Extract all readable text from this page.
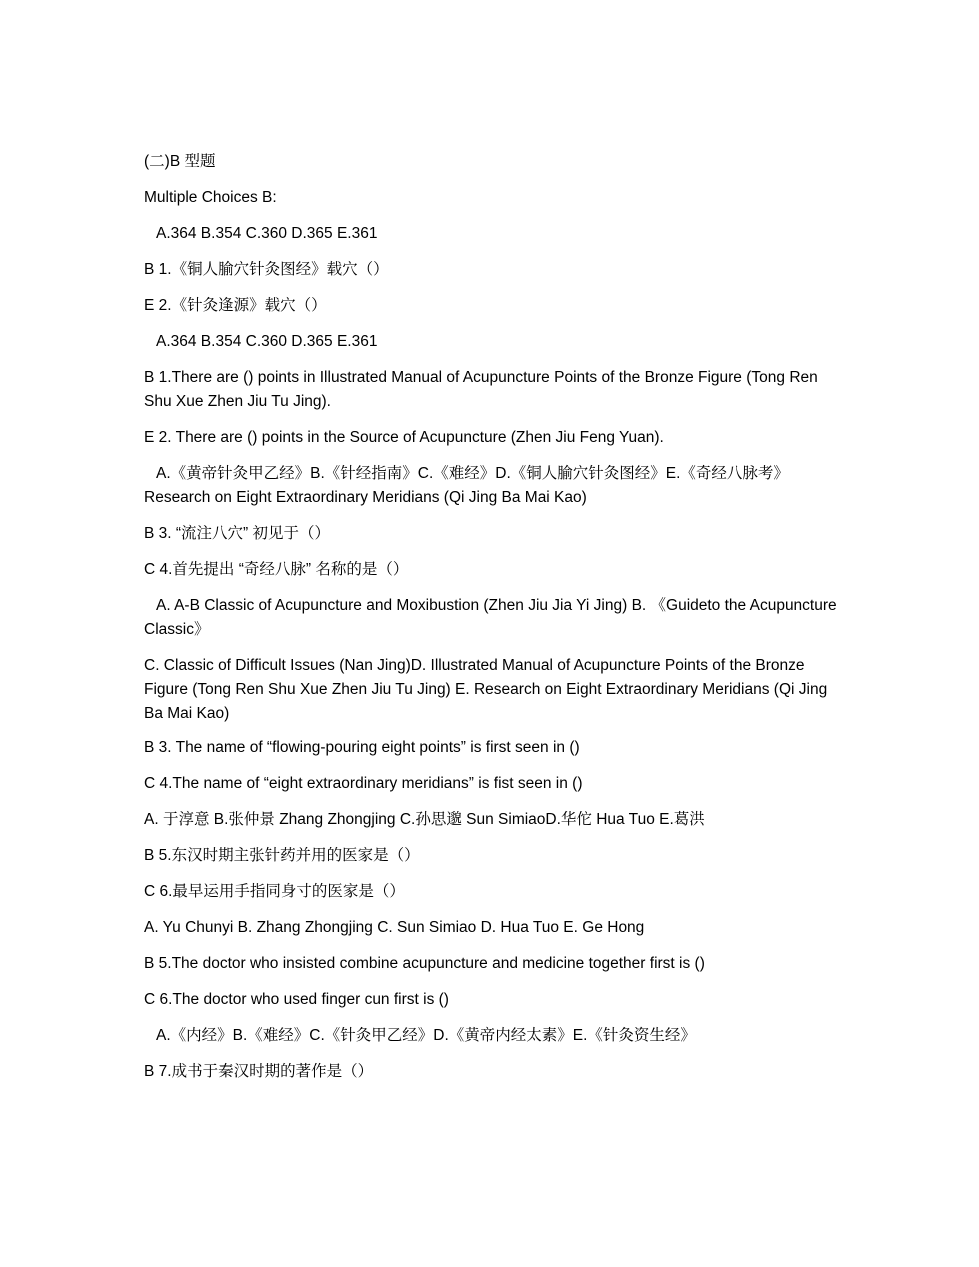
(二)B 型题

Multiple Choices B:

A.364 B.354 C.360 D.365 E.361

B 1.《铜人腧穴针灸图经》载穴（）

E 2.《针灸逢源》载穴（）

A.364 B.354 C.360 D.365 E.361

B 1.There are () points in Illustrated Manual of Acupuncture Points of the Bronze Figure (Tong Ren Shu Xue Zhen Jiu Tu Jing).

E 2. There are () points in the Source of Acupuncture (Zhen Jiu Feng Yuan).

A.《黄帝针灸甲乙经》B.《针经指南》C.《难经》D.《铜人腧穴针灸图经》E.《奇经八脉考》Research on Eight Extraordinary Meridians (Qi Jing Ba Mai Kao)

B 3. “流注八穴” 初见于（）

C 4.首先提出 “奇经八脉” 名称的是（）

A. A-B Classic of Acupuncture and Moxibustion (Zhen Jiu Jia Yi Jing) B. 《Guideto the Acupuncture Classic》

C. Classic of Difficult Issues (Nan Jing)D. Illustrated Manual of Acupuncture Points of the Bronze Figure (Tong Ren Shu Xue Zhen Jiu Tu Jing) E. Research on Eight Extraordinary Meridians (Qi Jing Ba Mai Kao)

B 3. The name of “flowing-pouring eight points” is first seen in ()

C 4.The name of “eight extraordinary meridians” is fist seen in ()

A. 于淳意 B.张仲景 Zhang Zhongjing C.孙思邈 Sun SimiaoD.华佗 Hua Tuo E.葛洪

B 5.东汉时期主张针药并用的医家是（）

C 6.最早运用手指同身寸的医家是（）

A. Yu Chunyi B. Zhang Zhongjing C. Sun Simiao D. Hua Tuo E. Ge Hong

B 5.The doctor who insisted combine acupuncture and medicine together first is ()

C 6.The doctor who used finger cun first is ()

A.《内经》B.《难经》C.《针灸甲乙经》D.《黄帝内经太素》E.《针灸资生经》

B 7.成书于秦汉时期的著作是（）
